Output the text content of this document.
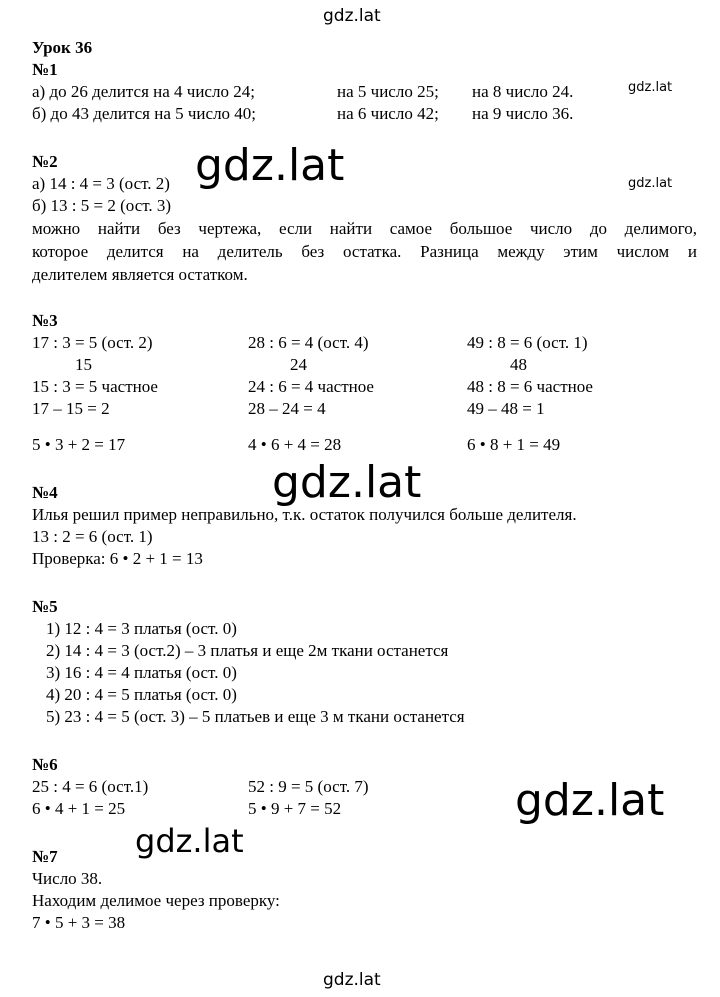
gdz.lat
gdz.lat
gdz.lat
gdz.lat
gdz.lat
gdz.lat
gdz.lat
gdz.lat
Урок 36
№1
а) до 26 делится на 4 число 24;	на 5 число 25; на 8 число 24.
б) до 43 делится на 5 число 40;	на 6 число 42; на 9 число 36.
№2
а) 14 : 4 = 3 (ост. 2)
б) 13 : 5 = 2 (ост. 3)
можно найти без чертежа, если найти самое большое число до делимого,
которое делится на делитель без остатка. Разница между этим числом и
делителем является остатком.
№3
17 : 3 = 5 (ост. 2)
15
15 : 3 = 5 частное
17 – 15 = 2
5 • 3 + 2 = 17
28 : 6 = 4 (ост. 4)
24
24 : 6 = 4 частное
28 – 24 = 4
4 • 6 + 4 = 28
49 : 8 = 6 (ост. 1)
48
48 : 8 = 6 частное
49 – 48 = 1
6 • 8 + 1 = 49
№4
Илья решил пример неправильно, т.к. остаток получился больше делителя.
13 : 2 = 6 (ост. 1)
Проверка: 6 • 2 + 1 = 13
№5
1) 12 : 4 = 3 платья (ост. 0)
2) 14 : 4 = 3 (ост.2) – 3 платья и еще 2м ткани останется
3) 16 : 4 = 4 платья (ост. 0)
4) 20 : 4 = 5 платья (ост. 0)
5) 23 : 4 = 5 (ост. 3) – 5 платьев и еще 3 м ткани останется
№6
25 : 4 = 6 (ост.1)
6 • 4 + 1 = 25
52 : 9 = 5 (ост. 7)
5 • 9 + 7 = 52
№7
Число 38.
Находим делимое через проверку:
7 • 5 + 3 = 38
